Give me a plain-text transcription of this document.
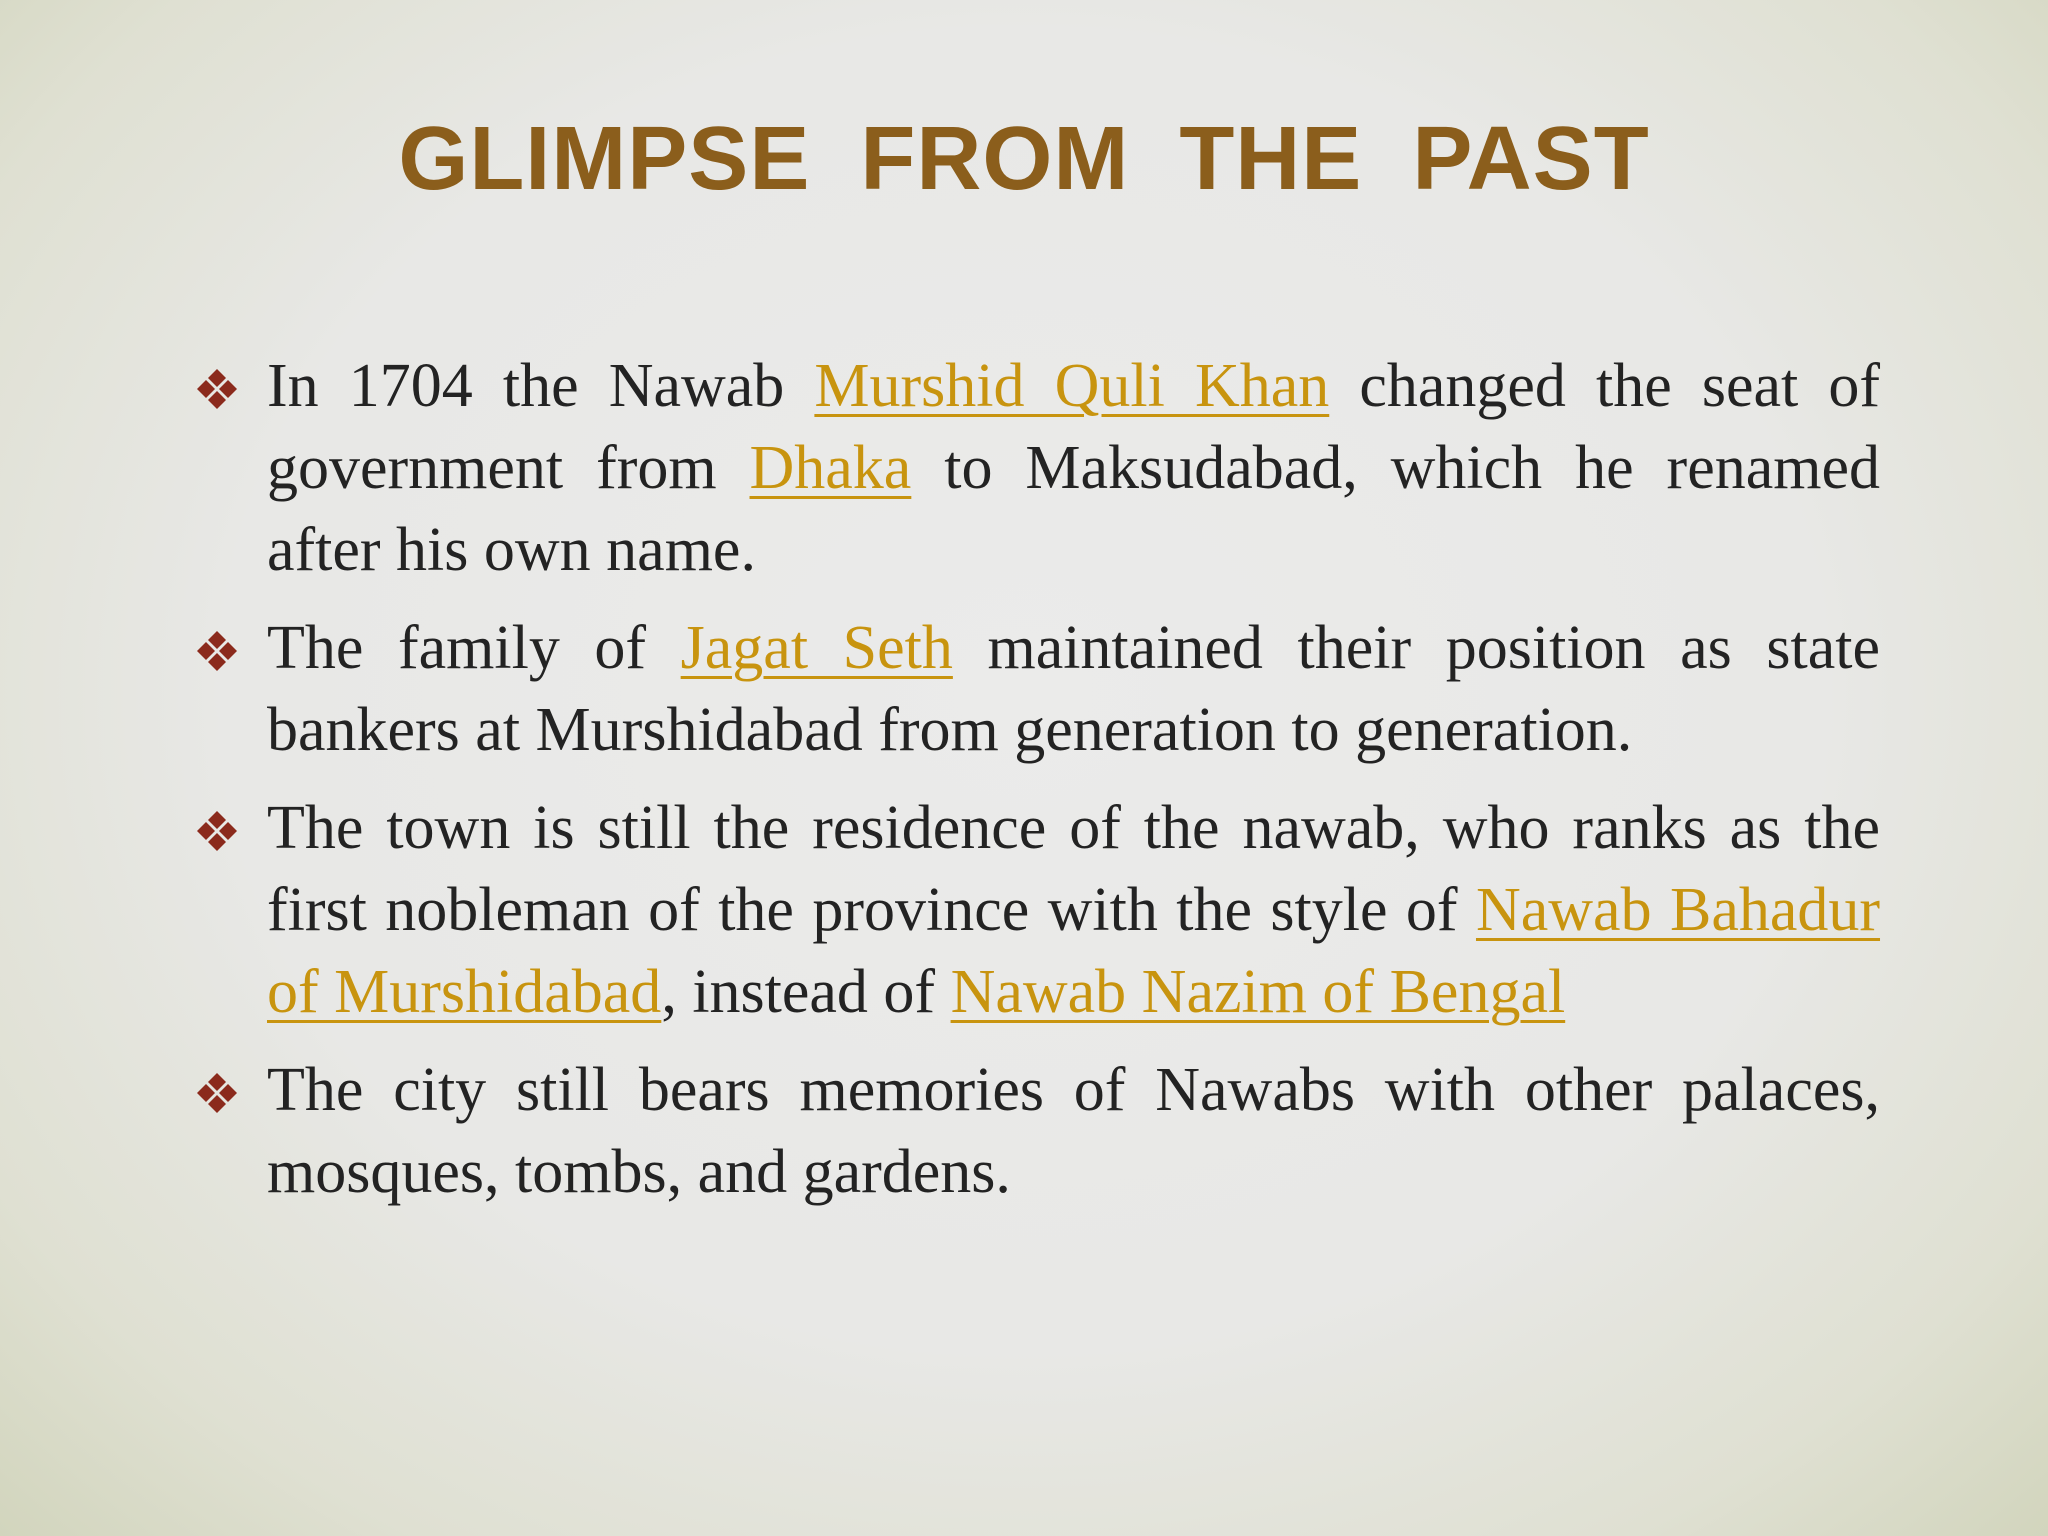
GLIMPSE FROM THE PAST
In 1704 the Nawab Murshid Quli Khan changed the seat of government from Dhaka to Maksudabad, which he renamed after his own name.
The family of Jagat Seth maintained their position as state bankers at Murshidabad from generation to generation.
The town is still the residence of the nawab, who ranks as the first nobleman of the province with the style of Nawab Bahadur of Murshidabad, instead of Nawab Nazim of Bengal
The city still bears memories of Nawabs with other palaces, mosques, tombs, and gardens.
